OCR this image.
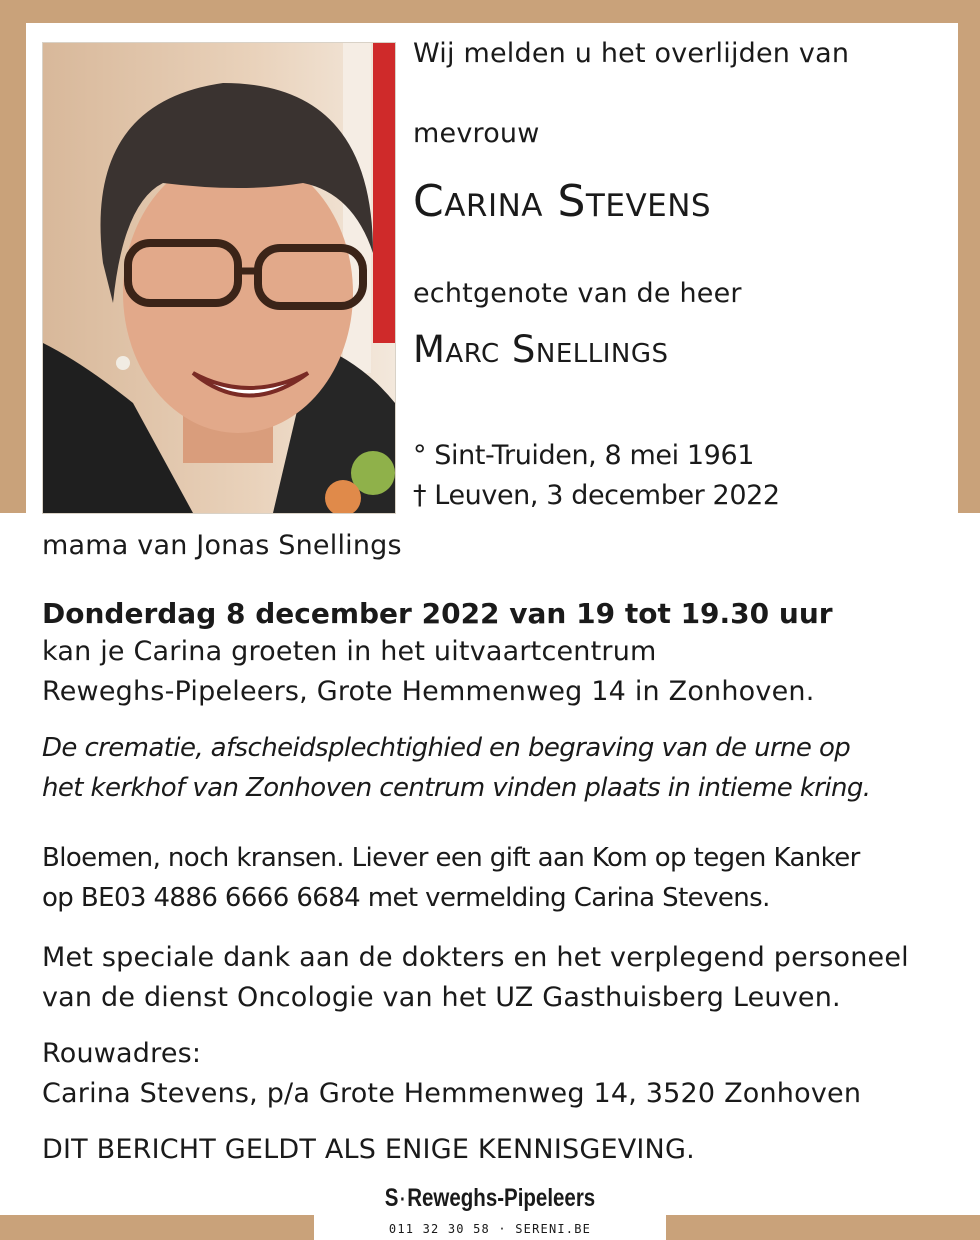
Wij melden u het overlijden van
mevrouw
Carina Stevens
echtgenote van de heer
Marc Snellings
° Sint-Truiden, 8 mei 1961
† Leuven, 3 december 2022
mama van Jonas Snellings
Donderdag 8 december 2022 van 19 tot 19.30 uur
kan je Carina groeten in het uitvaartcentrum
Reweghs-Pipeleers, Grote Hemmenweg 14 in Zonhoven.
De crematie, afscheidsplechtighied en begraving van de urne op
het kerkhof van Zonhoven centrum vinden plaats in intieme kring.
Bloemen, noch kransen. Liever een gift aan Kom op tegen Kanker
op BE03 4886 6666 6684 met vermelding Carina Stevens.
Met speciale dank aan de dokters en het verplegend personeel
van de dienst Oncologie van het UZ Gasthuisberg Leuven.
Rouwadres:
Carina Stevens, p/a Grote Hemmenweg 14, 3520 Zonhoven
DIT BERICHT GELDT ALS ENIGE KENNISGEVING.
S·Reweghs-Pipeleers
011 32 30 58 · SERENI.BE
